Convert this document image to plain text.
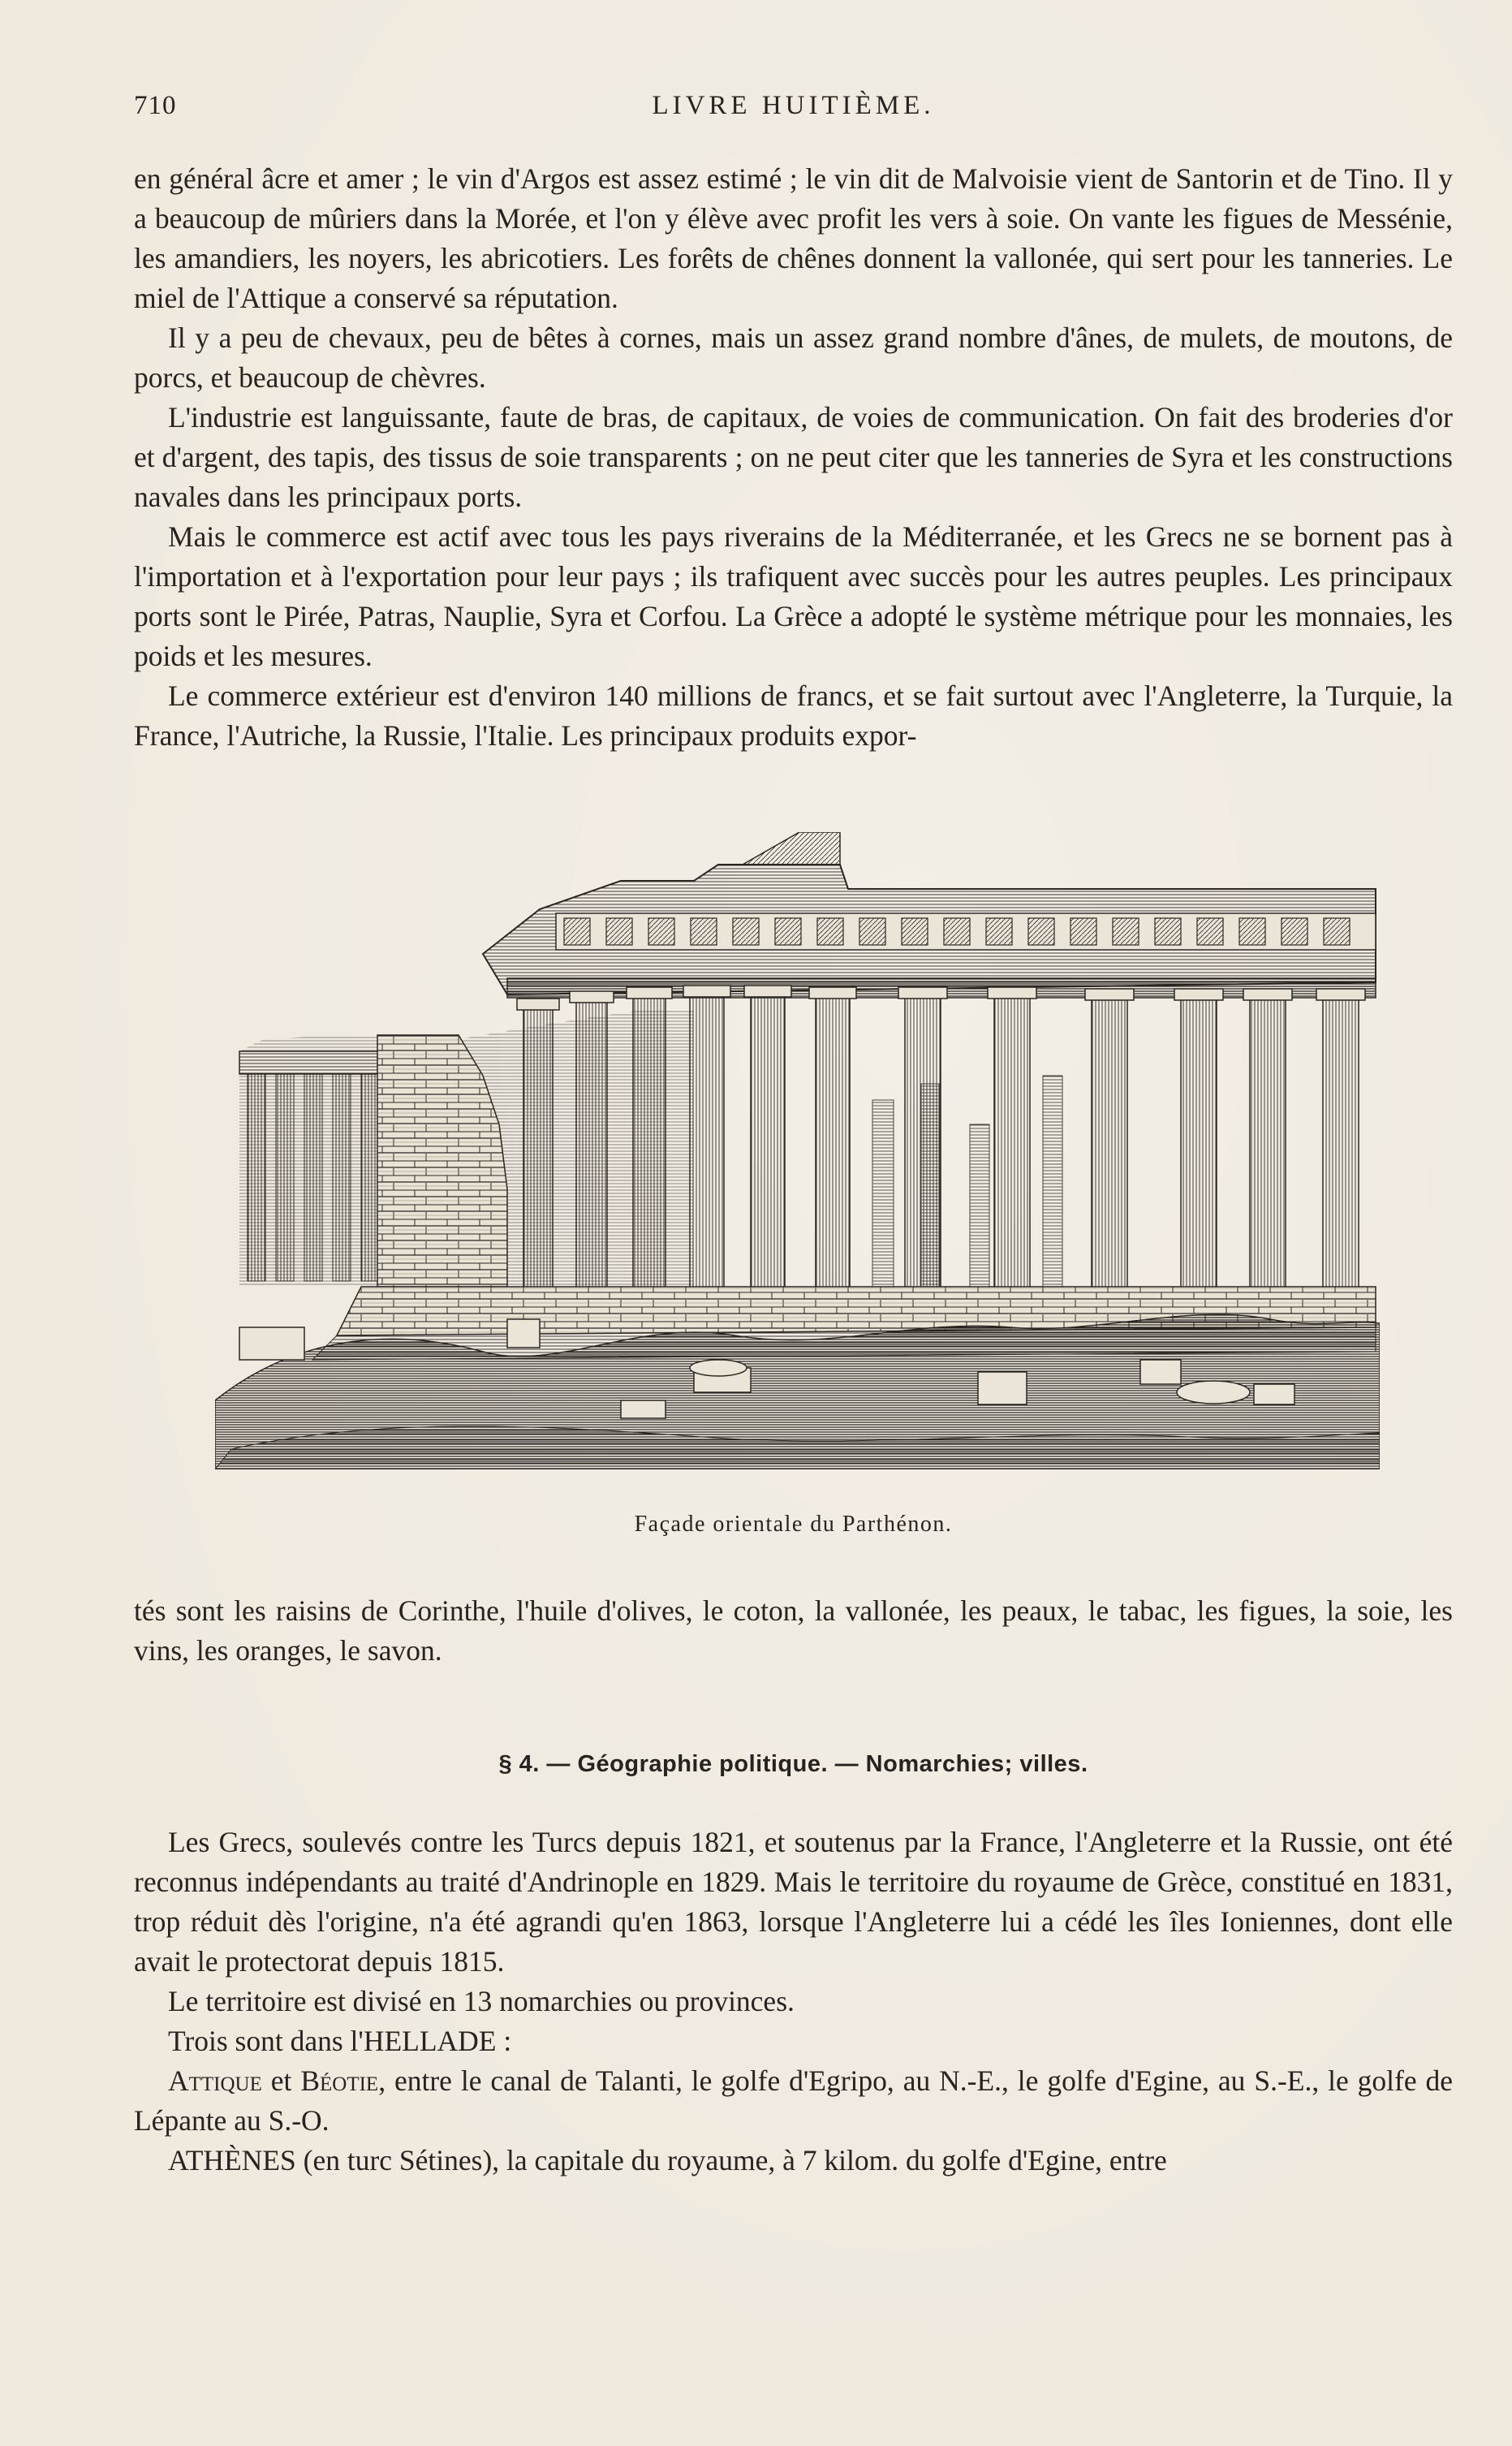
710	LIVRE HUITIÈME.

en général âcre et amer ; le vin d'Argos est assez estimé ; le vin dit de Malvoisie vient de Santorin et de Tino. Il y a beaucoup de mûriers dans la Morée, et l'on y élève avec profit les vers à soie. On vante les figues de Messénie, les amandiers, les noyers, les abricotiers. Les forêts de chênes donnent la vallonée, qui sert pour les tanneries. Le miel de l'Attique a conservé sa réputation.

Il y a peu de chevaux, peu de bêtes à cornes, mais un assez grand nombre d'ânes, de mulets, de moutons, de porcs, et beaucoup de chèvres.

L'industrie est languissante, faute de bras, de capitaux, de voies de communication. On fait des broderies d'or et d'argent, des tapis, des tissus de soie transparents ; on ne peut citer que les tanneries de Syra et les constructions navales dans les principaux ports.

Mais le commerce est actif avec tous les pays riverains de la Méditerranée, et les Grecs ne se bornent pas à l'importation et à l'exportation pour leur pays ; ils trafiquent avec succès pour les autres peuples. Les principaux ports sont le Pirée, Patras, Nauplie, Syra et Corfou. La Grèce a adopté le système métrique pour les monnaies, les poids et les mesures.

Le commerce extérieur est d'environ 140 millions de francs, et se fait surtout avec l'Angleterre, la Turquie, la France, l'Autriche, la Russie, l'Italie. Les principaux produits expor-

Façade orientale du Parthénon.

tés sont les raisins de Corinthe, l'huile d'olives, le coton, la vallonée, les peaux, le tabac, les figues, la soie, les vins, les oranges, le savon.

§ 4. — Géographie politique. — Nomarchies; villes.

Les Grecs, soulevés contre les Turcs depuis 1821, et soutenus par la France, l'Angleterre et la Russie, ont été reconnus indépendants au traité d'Andrinople en 1829. Mais le territoire du royaume de Grèce, constitué en 1831, trop réduit dès l'origine, n'a été agrandi qu'en 1863, lorsque l'Angleterre lui a cédé les îles Ioniennes, dont elle avait le protectorat depuis 1815.

Le territoire est divisé en 13 nomarchies ou provinces.

Trois sont dans l'HELLADE :

Attique et Béotie, entre le canal de Talanti, le golfe d'Egripo, au N.-E., le golfe d'Egine, au S.-E., le golfe de Lépante au S.-O.

ATHÈNES (en turc Sétines), la capitale du royaume, à 7 kilom. du golfe d'Egine, entre
